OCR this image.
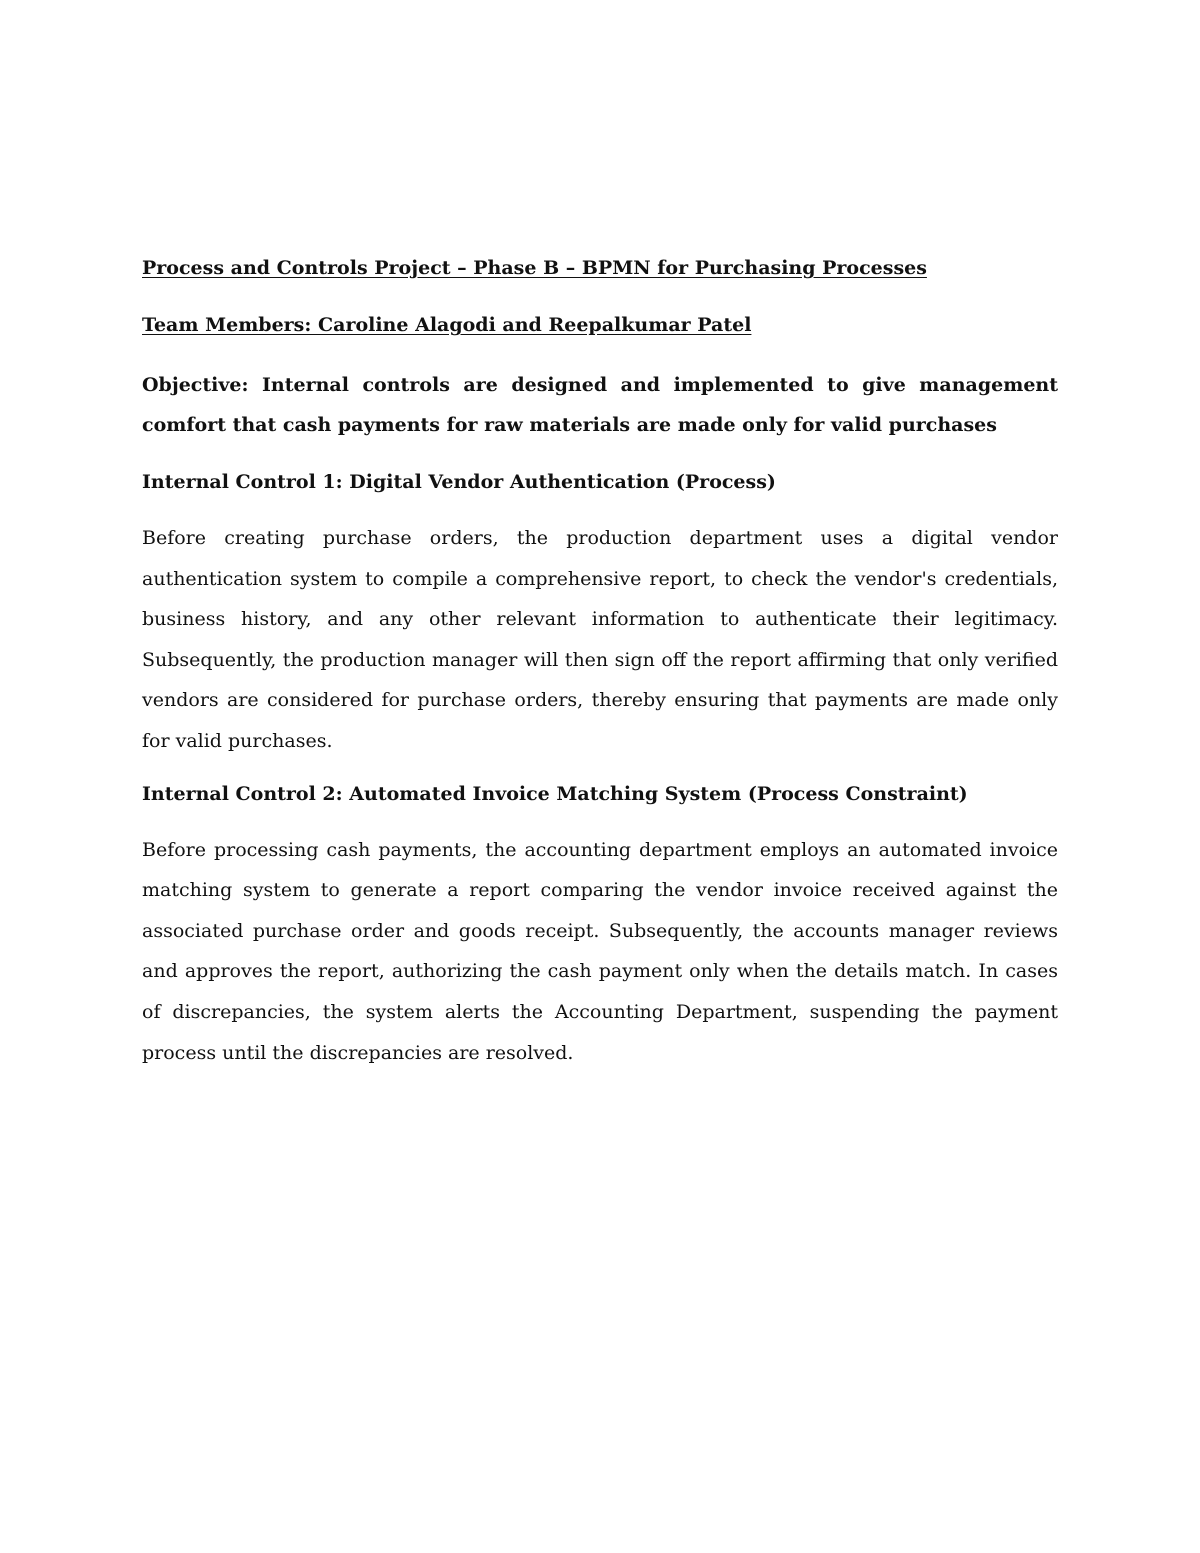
Process and Controls Project – Phase B – BPMN for Purchasing Processes

Team Members: Caroline Alagodi and Reepalkumar Patel

Objective: Internal controls are designed and implemented to give management comfort that cash payments for raw materials are made only for valid purchases

Internal Control 1: Digital Vendor Authentication (Process)

Before creating purchase orders, the production department uses a digital vendor authentication system to compile a comprehensive report, to check the vendor's credentials, business history, and any other relevant information to authenticate their legitimacy. Subsequently, the production manager will then sign off the report affirming that only verified vendors are considered for purchase orders, thereby ensuring that payments are made only for valid purchases.

Internal Control 2: Automated Invoice Matching System (Process Constraint)

Before processing cash payments, the accounting department employs an automated invoice matching system to generate a report comparing the vendor invoice received against the associated purchase order and goods receipt. Subsequently, the accounts manager reviews and approves the report, authorizing the cash payment only when the details match. In cases of discrepancies, the system alerts the Accounting Department, suspending the payment process until the discrepancies are resolved.
